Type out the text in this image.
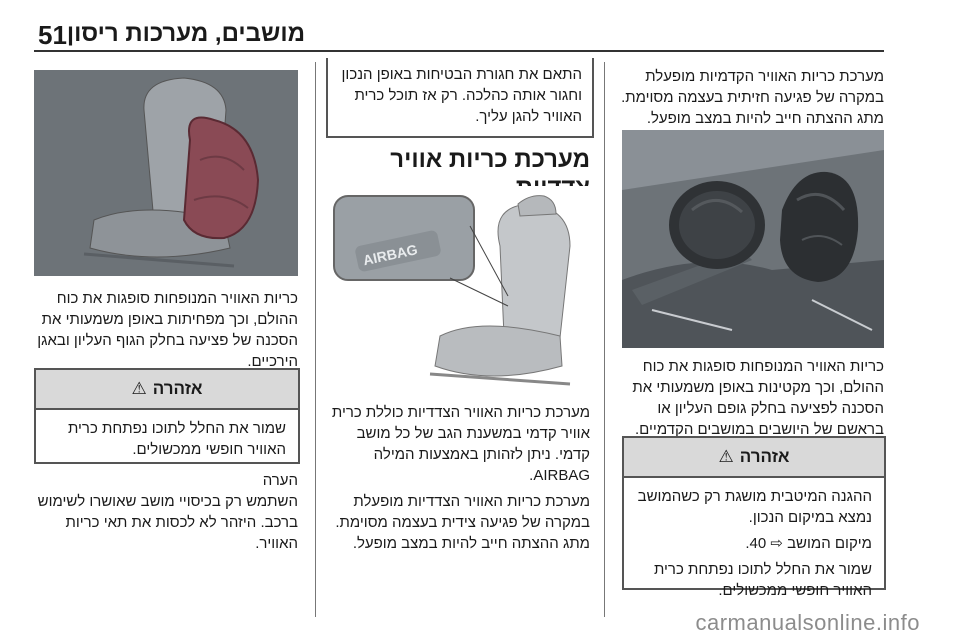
51 מושבים, מערכות ריסון

מערכת כריות האוויר הקדמיות מופעלת במקרה של פגיעה חזיתית בעצמה מסוימת. מתג ההצתה חייב להיות במצב מופעל.

כריות האוויר המנופחות סופגות את כוח ההולם, וכך מקטינות באופן משמעותי את הסכנה לפציעה בחלק גופם העליון או בראשם של היושבים במושבים הקדמיים.

אזהרה
⚠

ההגנה המיטבית מושגת רק כשהמושב נמצא במיקום הנכון.

מיקום המושב ⇨ 40.

שמור את החלל לתוכו נפתחת כרית האוויר חופשי ממכשולים.

התאם את חגורת הבטיחות באופן הנכון וחגור אותה כהלכה. רק אז תוכל כרית האוויר להגן עליך.

מערכת כריות אוויר
AIRBAG

מערכת כריות האוויר הצדדיות כוללת כרית אוויר קדמי במשענת הגב של כל מושב קדמי. ניתן לזהותן באמצעות המילה AIRBAG.

מערכת כריות האוויר הצדדיות מופעלת במקרה של פגיעה צידית בעצמה מסוימת. מתג ההצתה חייב להיות במצב מופעל.

כריות האוויר המנופחות סופגות את כוח ההולם, וכך מפחיתות באופן משמעותי את הסכנה של פציעה בחלק הגוף העליון ובאגן הירכיים.

אזהרה
⚠

שמור את החלל לתוכו נפתחת כרית האוויר חופשי ממכשולים.

הערה

השתמש רק בכיסויי מושב שאושרו לשימוש ברכב. היזהר לא לכסות את תאי כריות האוויר.

carmanualsonline.info
